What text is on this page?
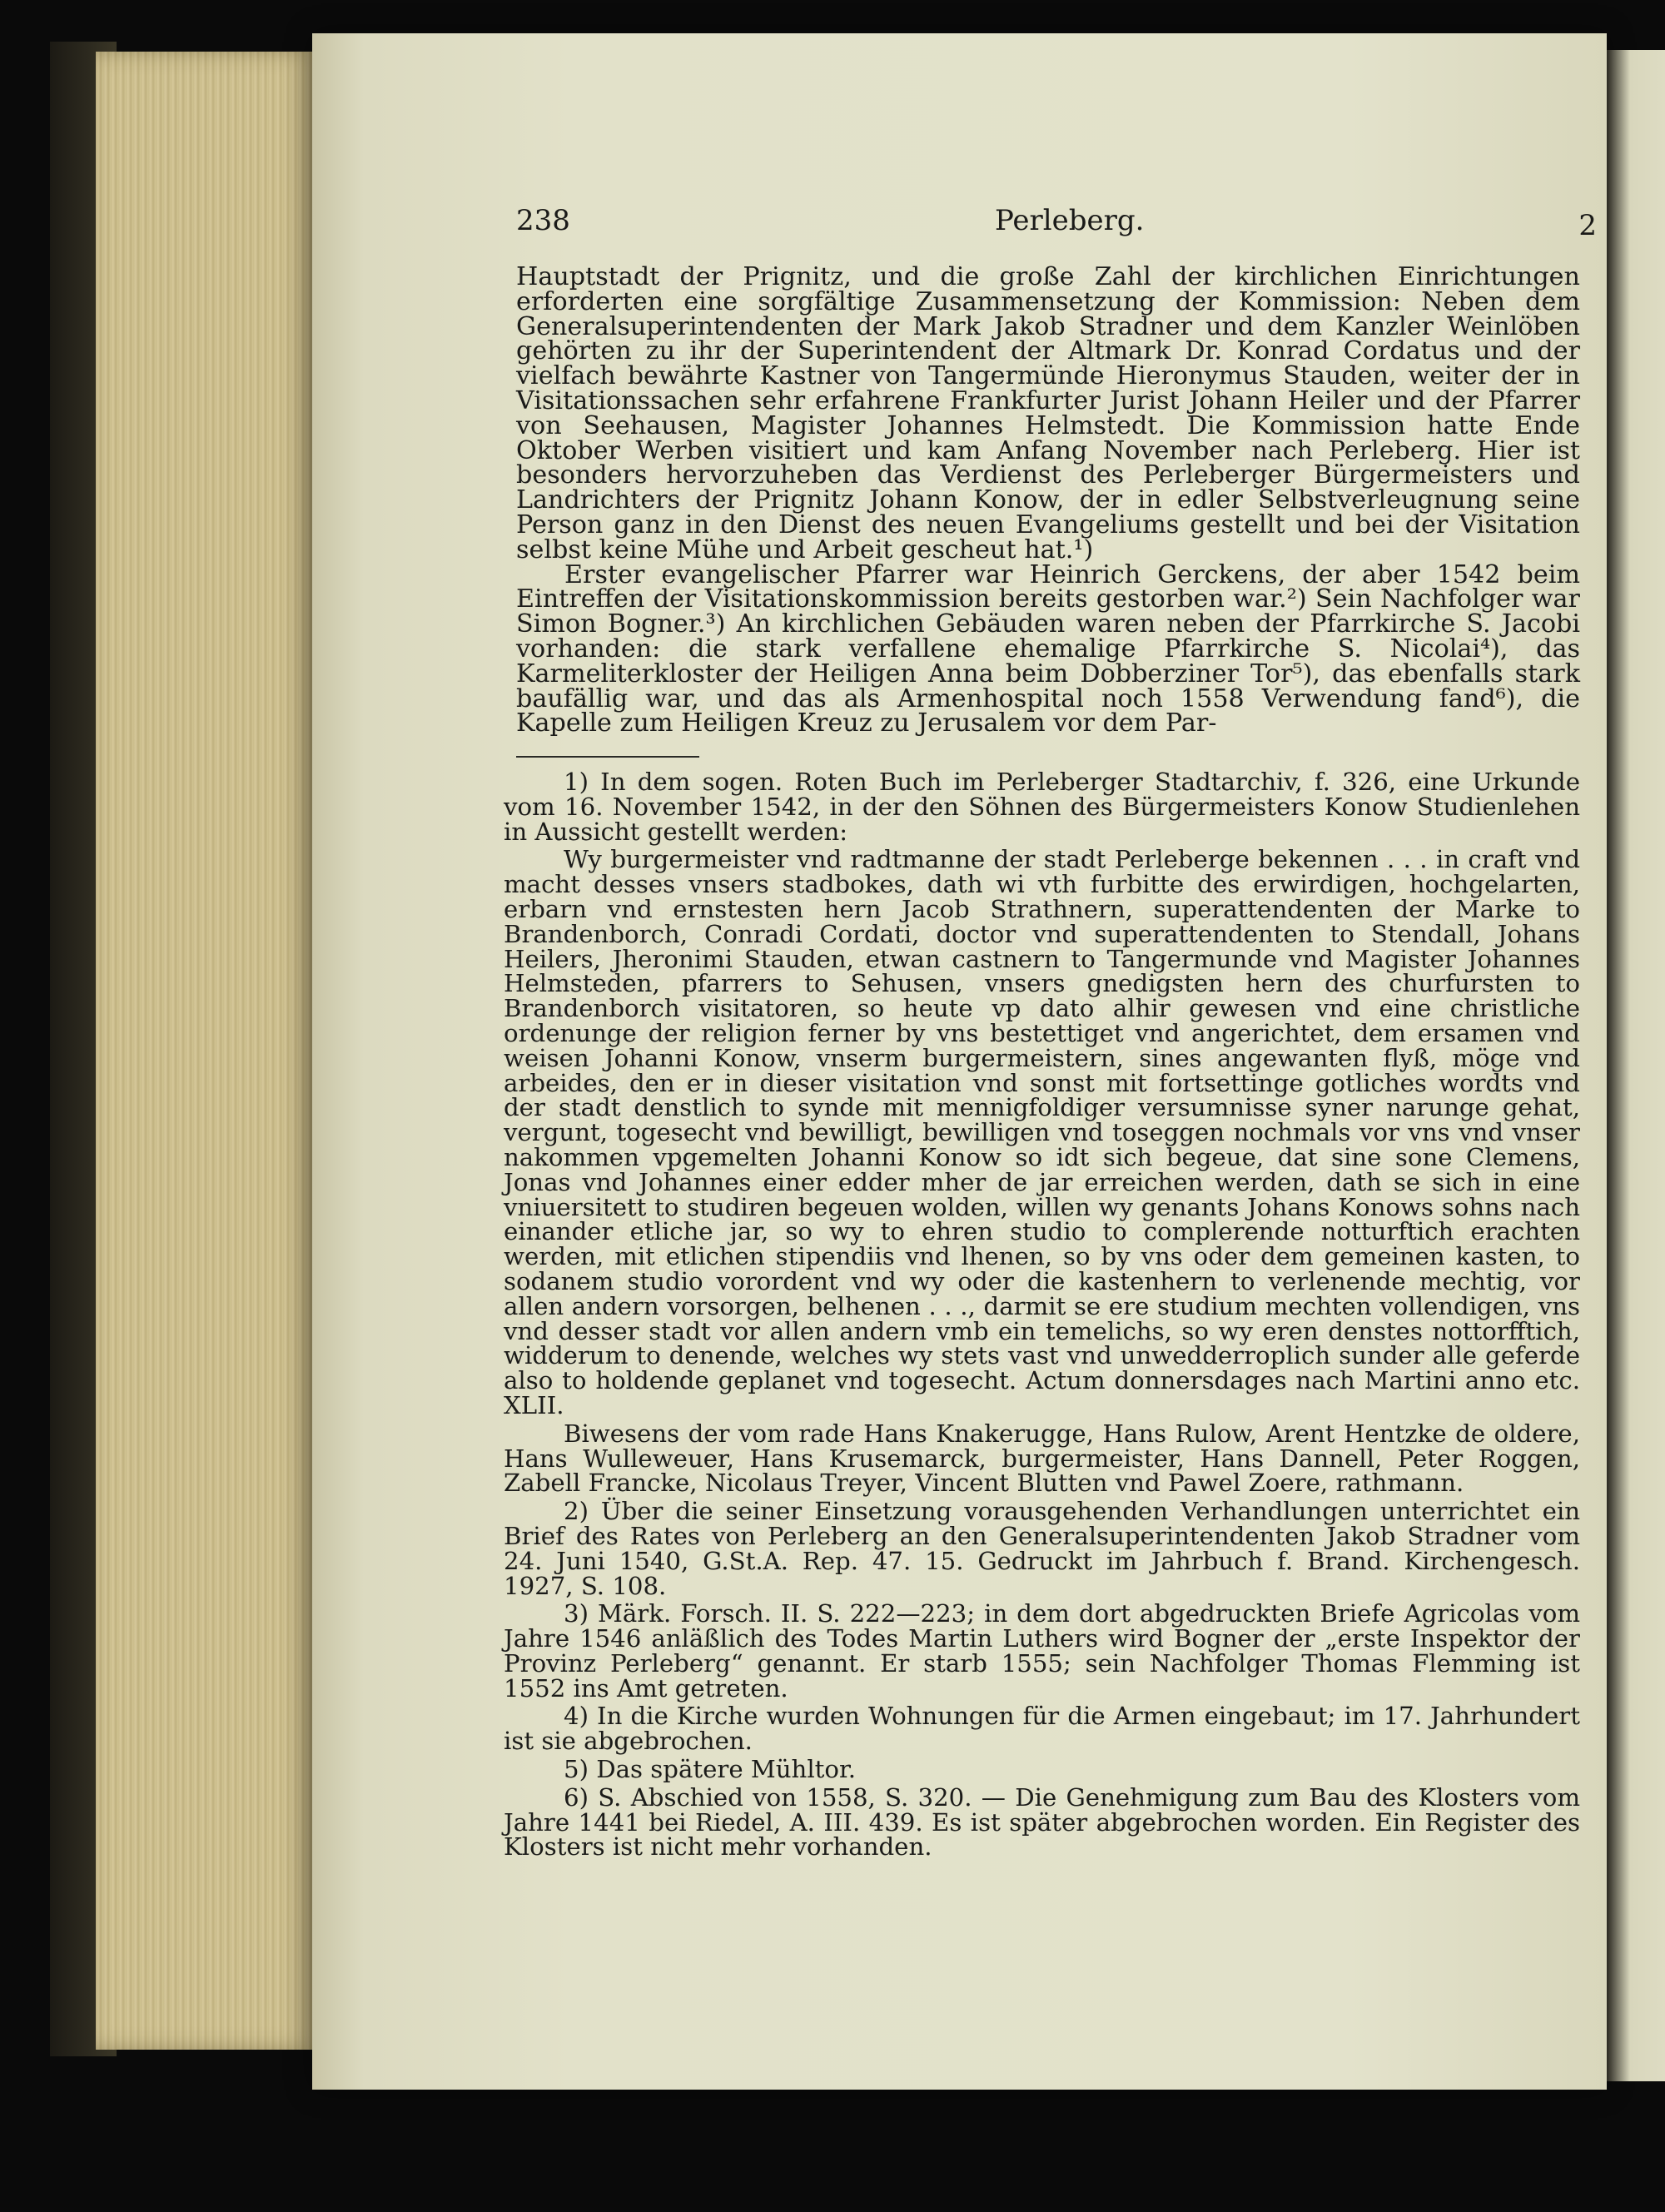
238	Perleberg.	2

Hauptstadt der Prignitz, und die große Zahl der kirchlichen Einrichtungen erforderten eine sorgfältige Zusammensetzung der Kommission: Neben dem Generalsuperintendenten der Mark Jakob Stradner und dem Kanzler Weinlöben gehörten zu ihr der Superintendent der Altmark Dr. Konrad Cordatus und der vielfach bewährte Kastner von Tangermünde Hieronymus Stauden, weiter der in Visitationssachen sehr erfahrene Frankfurter Jurist Johann Heiler und der Pfarrer von Seehausen, Magister Johannes Helmstedt. Die Kommission hatte Ende Oktober Werben visitiert und kam Anfang November nach Perleberg. Hier ist besonders hervorzuheben das Verdienst des Perleberger Bürgermeisters und Landrichters der Prignitz Johann Konow, der in edler Selbstverleugnung seine Person ganz in den Dienst des neuen Evangeliums gestellt und bei der Visitation selbst keine Mühe und Arbeit gescheut hat.¹)

Erster evangelischer Pfarrer war Heinrich Gerckens, der aber 1542 beim Eintreffen der Visitationskommission bereits gestorben war.²) Sein Nachfolger war Simon Bogner.³) An kirchlichen Gebäuden waren neben der Pfarrkirche S. Jacobi vorhanden: die stark verfallene ehemalige Pfarrkirche S. Nicolai⁴), das Karmeliterkloster der Heiligen Anna beim Dobberziner Tor⁵), das ebenfalls stark baufällig war, und das als Armenhospital noch 1558 Verwendung fand⁶), die Kapelle zum Heiligen Kreuz zu Jerusalem vor dem Par-

1) In dem sogen. Roten Buch im Perleberger Stadtarchiv, f. 326, eine Urkunde vom 16. November 1542, in der den Söhnen des Bürgermeisters Konow Studienlehen in Aussicht gestellt werden:

Wy burgermeister vnd radtmanne der stadt Perleberge bekennen . . . in craft vnd macht desses vnsers stadbokes, dath wi vth furbitte des erwirdigen, hochgelarten, erbarn vnd ernstesten hern Jacob Strathnern, superattendenten der Marke to Brandenborch, Conradi Cordati, doctor vnd superattendenten to Stendall, Johans Heilers, Jheronimi Stauden, etwan castnern to Tangermunde vnd Magister Johannes Helmsteden, pfarrers to Sehusen, vnsers gnedigsten hern des churfursten to Brandenborch visitatoren, so heute vp dato alhir gewesen vnd eine christliche ordenunge der religion ferner by vns bestettiget vnd angerichtet, dem ersamen vnd weisen Johanni Konow, vnserm burgermeistern, sines angewanten flyß, möge vnd arbeides, den er in dieser visitation vnd sonst mit fortsettinge gotliches wordts vnd der stadt denstlich to synde mit mennigfoldiger versumnisse syner narunge gehat, vergunt, togesecht vnd bewilligt, bewilligen vnd toseggen nochmals vor vns vnd vnser nakommen vpgemelten Johanni Konow so idt sich begeue, dat sine sone Clemens, Jonas vnd Johannes einer edder mher de jar erreichen werden, dath se sich in eine vniuersitett to studiren begeuen wolden, willen wy genants Johans Konows sohns nach einander etliche jar, so wy to ehren studio to complerende notturftich erachten werden, mit etlichen stipendiis vnd lhenen, so by vns oder dem gemeinen kasten, to sodanem studio vorordent vnd wy oder die kastenhern to verlenende mechtig, vor allen andern vorsorgen, belhenen . . ., darmit se ere studium mechten vollendigen, vns vnd desser stadt vor allen andern vmb ein temelichs, so wy eren denstes nottorfftich, widderum to denende, welches wy stets vast vnd unwedderroplich sunder alle geferde also to holdende geplanet vnd togesecht. Actum donnersdages nach Martini anno etc. XLII.

Biwesens der vom rade Hans Knakerugge, Hans Rulow, Arent Hentzke de oldere, Hans Wulleweuer, Hans Krusemarck, burgermeister, Hans Dannell, Peter Roggen, Zabell Francke, Nicolaus Treyer, Vincent Blutten vnd Pawel Zoere, rathmann.

2) Über die seiner Einsetzung vorausgehenden Verhandlungen unterrichtet ein Brief des Rates von Perleberg an den Generalsuperintendenten Jakob Stradner vom 24. Juni 1540, G.St.A. Rep. 47. 15. Gedruckt im Jahrbuch f. Brand. Kirchengesch. 1927, S. 108.

3) Märk. Forsch. II. S. 222—223; in dem dort abgedruckten Briefe Agricolas vom Jahre 1546 anläßlich des Todes Martin Luthers wird Bogner der „erste Inspektor der Provinz Perleberg“ genannt. Er starb 1555; sein Nachfolger Thomas Flemming ist 1552 ins Amt getreten.

4) In die Kirche wurden Wohnungen für die Armen eingebaut; im 17. Jahrhundert ist sie abgebrochen.

5) Das spätere Mühltor.

6) S. Abschied von 1558, S. 320. — Die Genehmigung zum Bau des Klosters vom Jahre 1441 bei Riedel, A. III. 439. Es ist später abgebrochen worden. Ein Register des Klosters ist nicht mehr vorhanden.
